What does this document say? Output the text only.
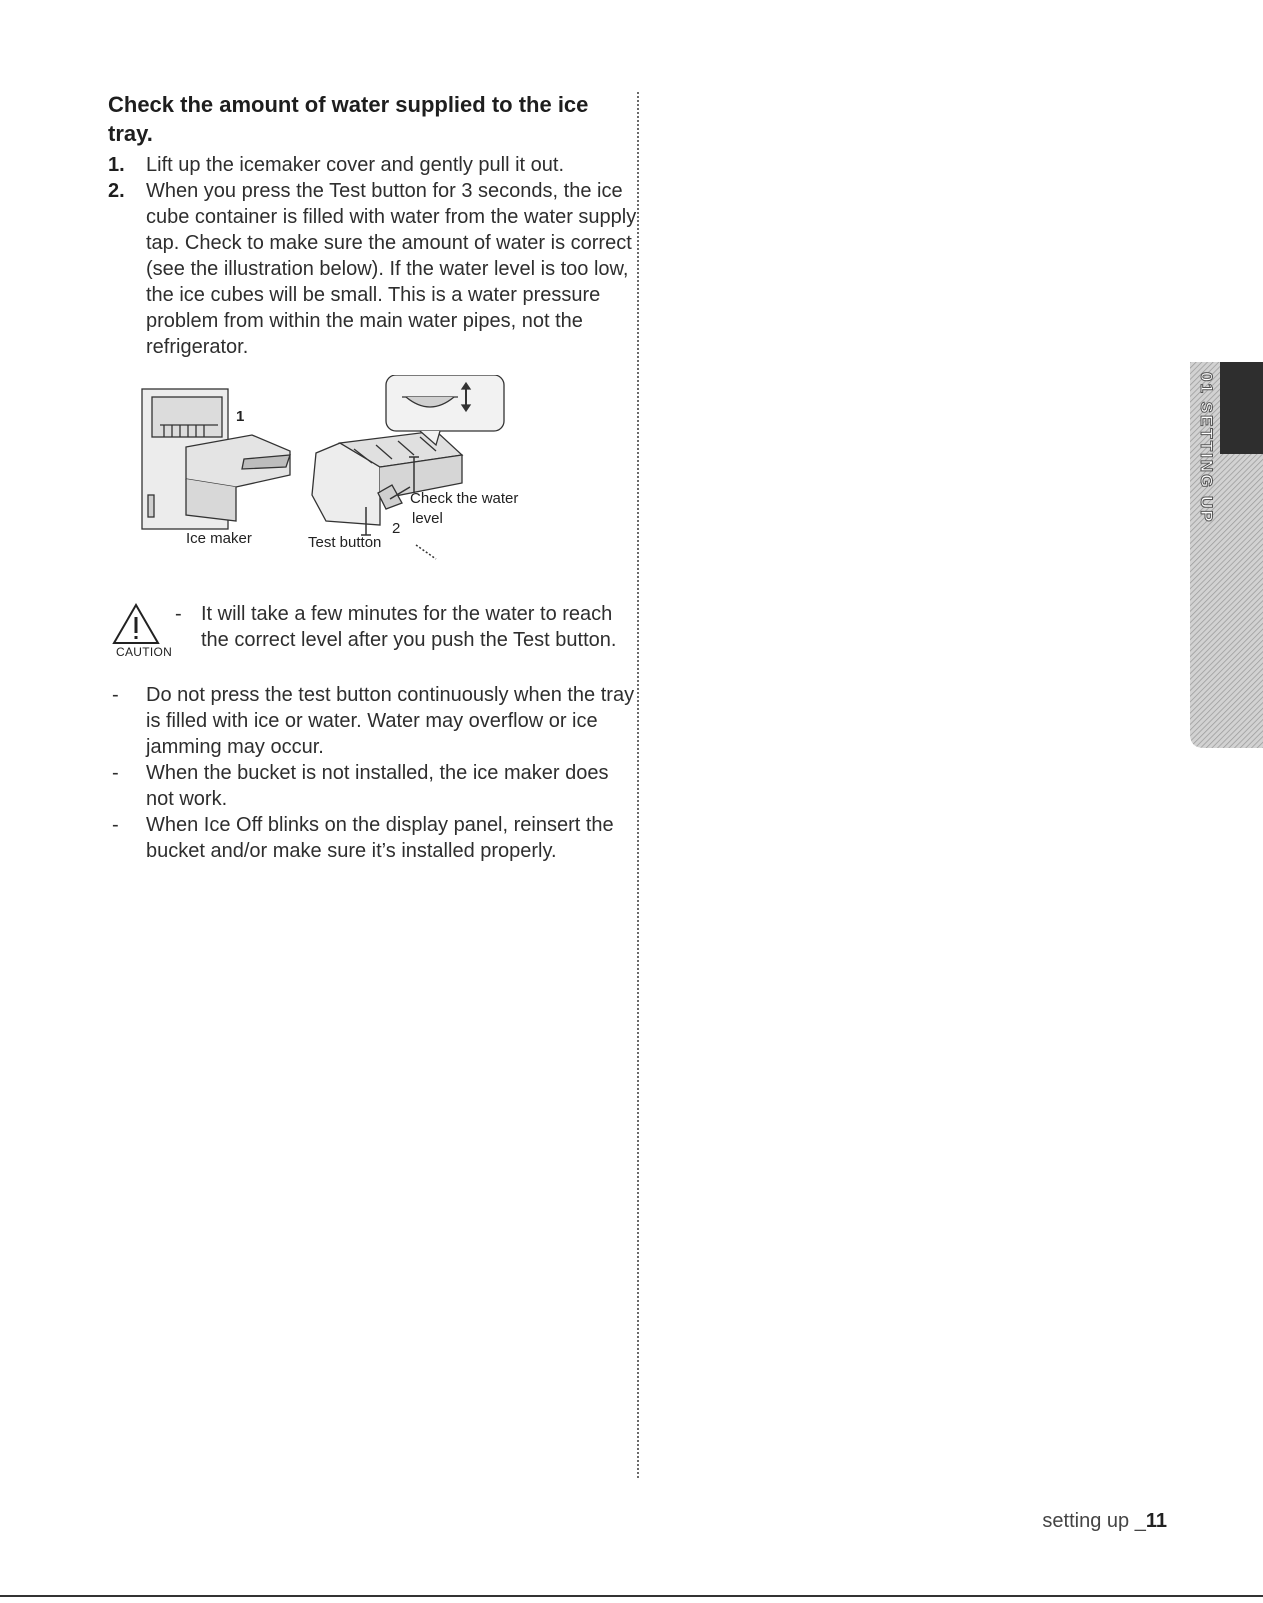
Check the amount of water supplied to the ice tray.
1. Lift up the icemaker cover and gently pull it out.
2. When you press the Test button for 3 seconds, the ice cube container is filled with water from the water supply tap. Check to make sure the amount of water is correct (see the illustration below). If the water level is too low, the ice cubes will be small. This is a water pressure problem from within the main water pipes, not the refrigerator.
1
2
Check the water
level
Ice maker	Test button
CAUTION
- It will take a few minutes for the water to reach the correct level after you push the Test button.
- Do not press the test button continuously when the tray is filled with ice or water. Water may overflow or ice jamming may occur.
- When the bucket is not installed, the ice maker does not work.
- When Ice Off blinks on the display panel, reinsert the bucket and/or make sure it’s installed properly.
01 SETTING UP
setting up _11
